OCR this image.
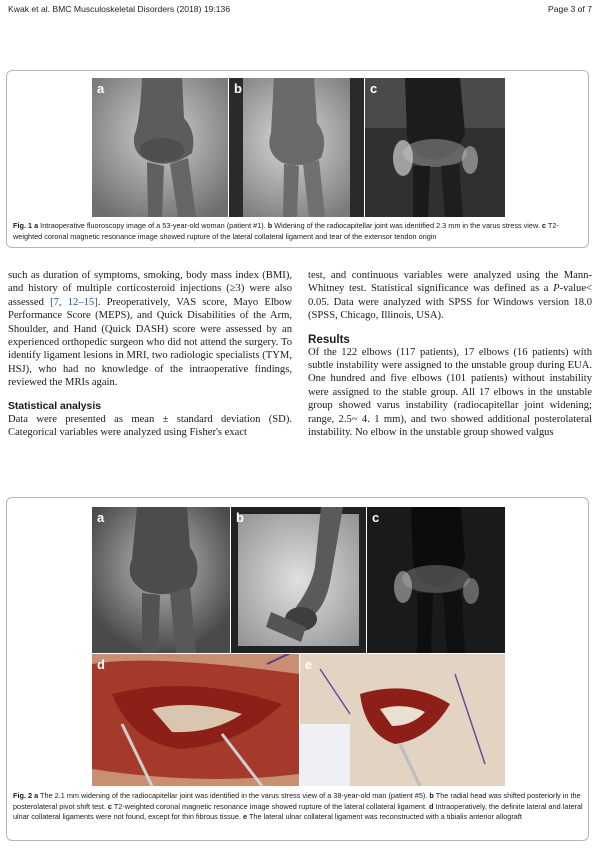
Kwak et al. BMC Musculoskeletal Disorders (2018) 19:136	Page 3 of 7
a	b	c
Fig. 1 a Intraoperative fluoroscopy image of a 53-year-old woman (patient #1). b Widening of the radiocapitellar joint was identified 2.3 mm in the varus stress view. c T2-weighted coronal magnetic resonance image showed rupture of the lateral collateral ligament and tear of the extensor tendon origin

such as duration of symptoms, smoking, body mass index (BMI), and history of multiple corticosteroid injections (≥3) were also assessed [7, 12–15]. Preoperatively, VAS score, Mayo Elbow Performance Score (MEPS), and Quick Disabilities of the Arm, Shoulder, and Hand (Quick DASH) score were assessed by an experienced orthopedic surgeon who did not attend the surgery. To identify ligament lesions in MRI, two radiologic specialists (TYM, HSJ), who had no knowledge of the intraoperative findings, reviewed the MRIs again.

Statistical analysis

Data were presented as mean ± standard deviation (SD). Categorical variables were analyzed using Fisher's exact

test, and continuous variables were analyzed using the Mann-Whitney test. Statistical significance was defined as a P-value< 0.05. Data were analyzed with SPSS for Windows version 18.0 (SPSS, Chicago, Illinois, USA).

Results

Of the 122 elbows (117 patients), 17 elbows (16 patients) with subtle instability were assigned to the unstable group during EUA. One hundred and five elbows (101 patients) without instability were assigned to the stable group. All 17 elbows in the unstable group showed varus instability (radiocapitellar joint widening; range, 2.5~ 4. 1 mm), and two showed additional posterolateral instability. No elbow in the unstable group showed valgus

a	b	c
d	e
Fig. 2 a The 2.1 mm widening of the radiocapitellar joint was identified in the varus stress view of a 38-year-old man (patient #5). b The radial head was shifted posteriorly in the posterolateral pivot shift test. c T2-weighted coronal magnetic resonance image showed rupture of the lateral collateral ligament. d Intraoperatively, the definite lateral and lateral ulnar collateral ligaments were not found, except for thin fibrous tissue. e The lateral ulnar collateral ligament was reconstructed with a tibialis anterior allograft
